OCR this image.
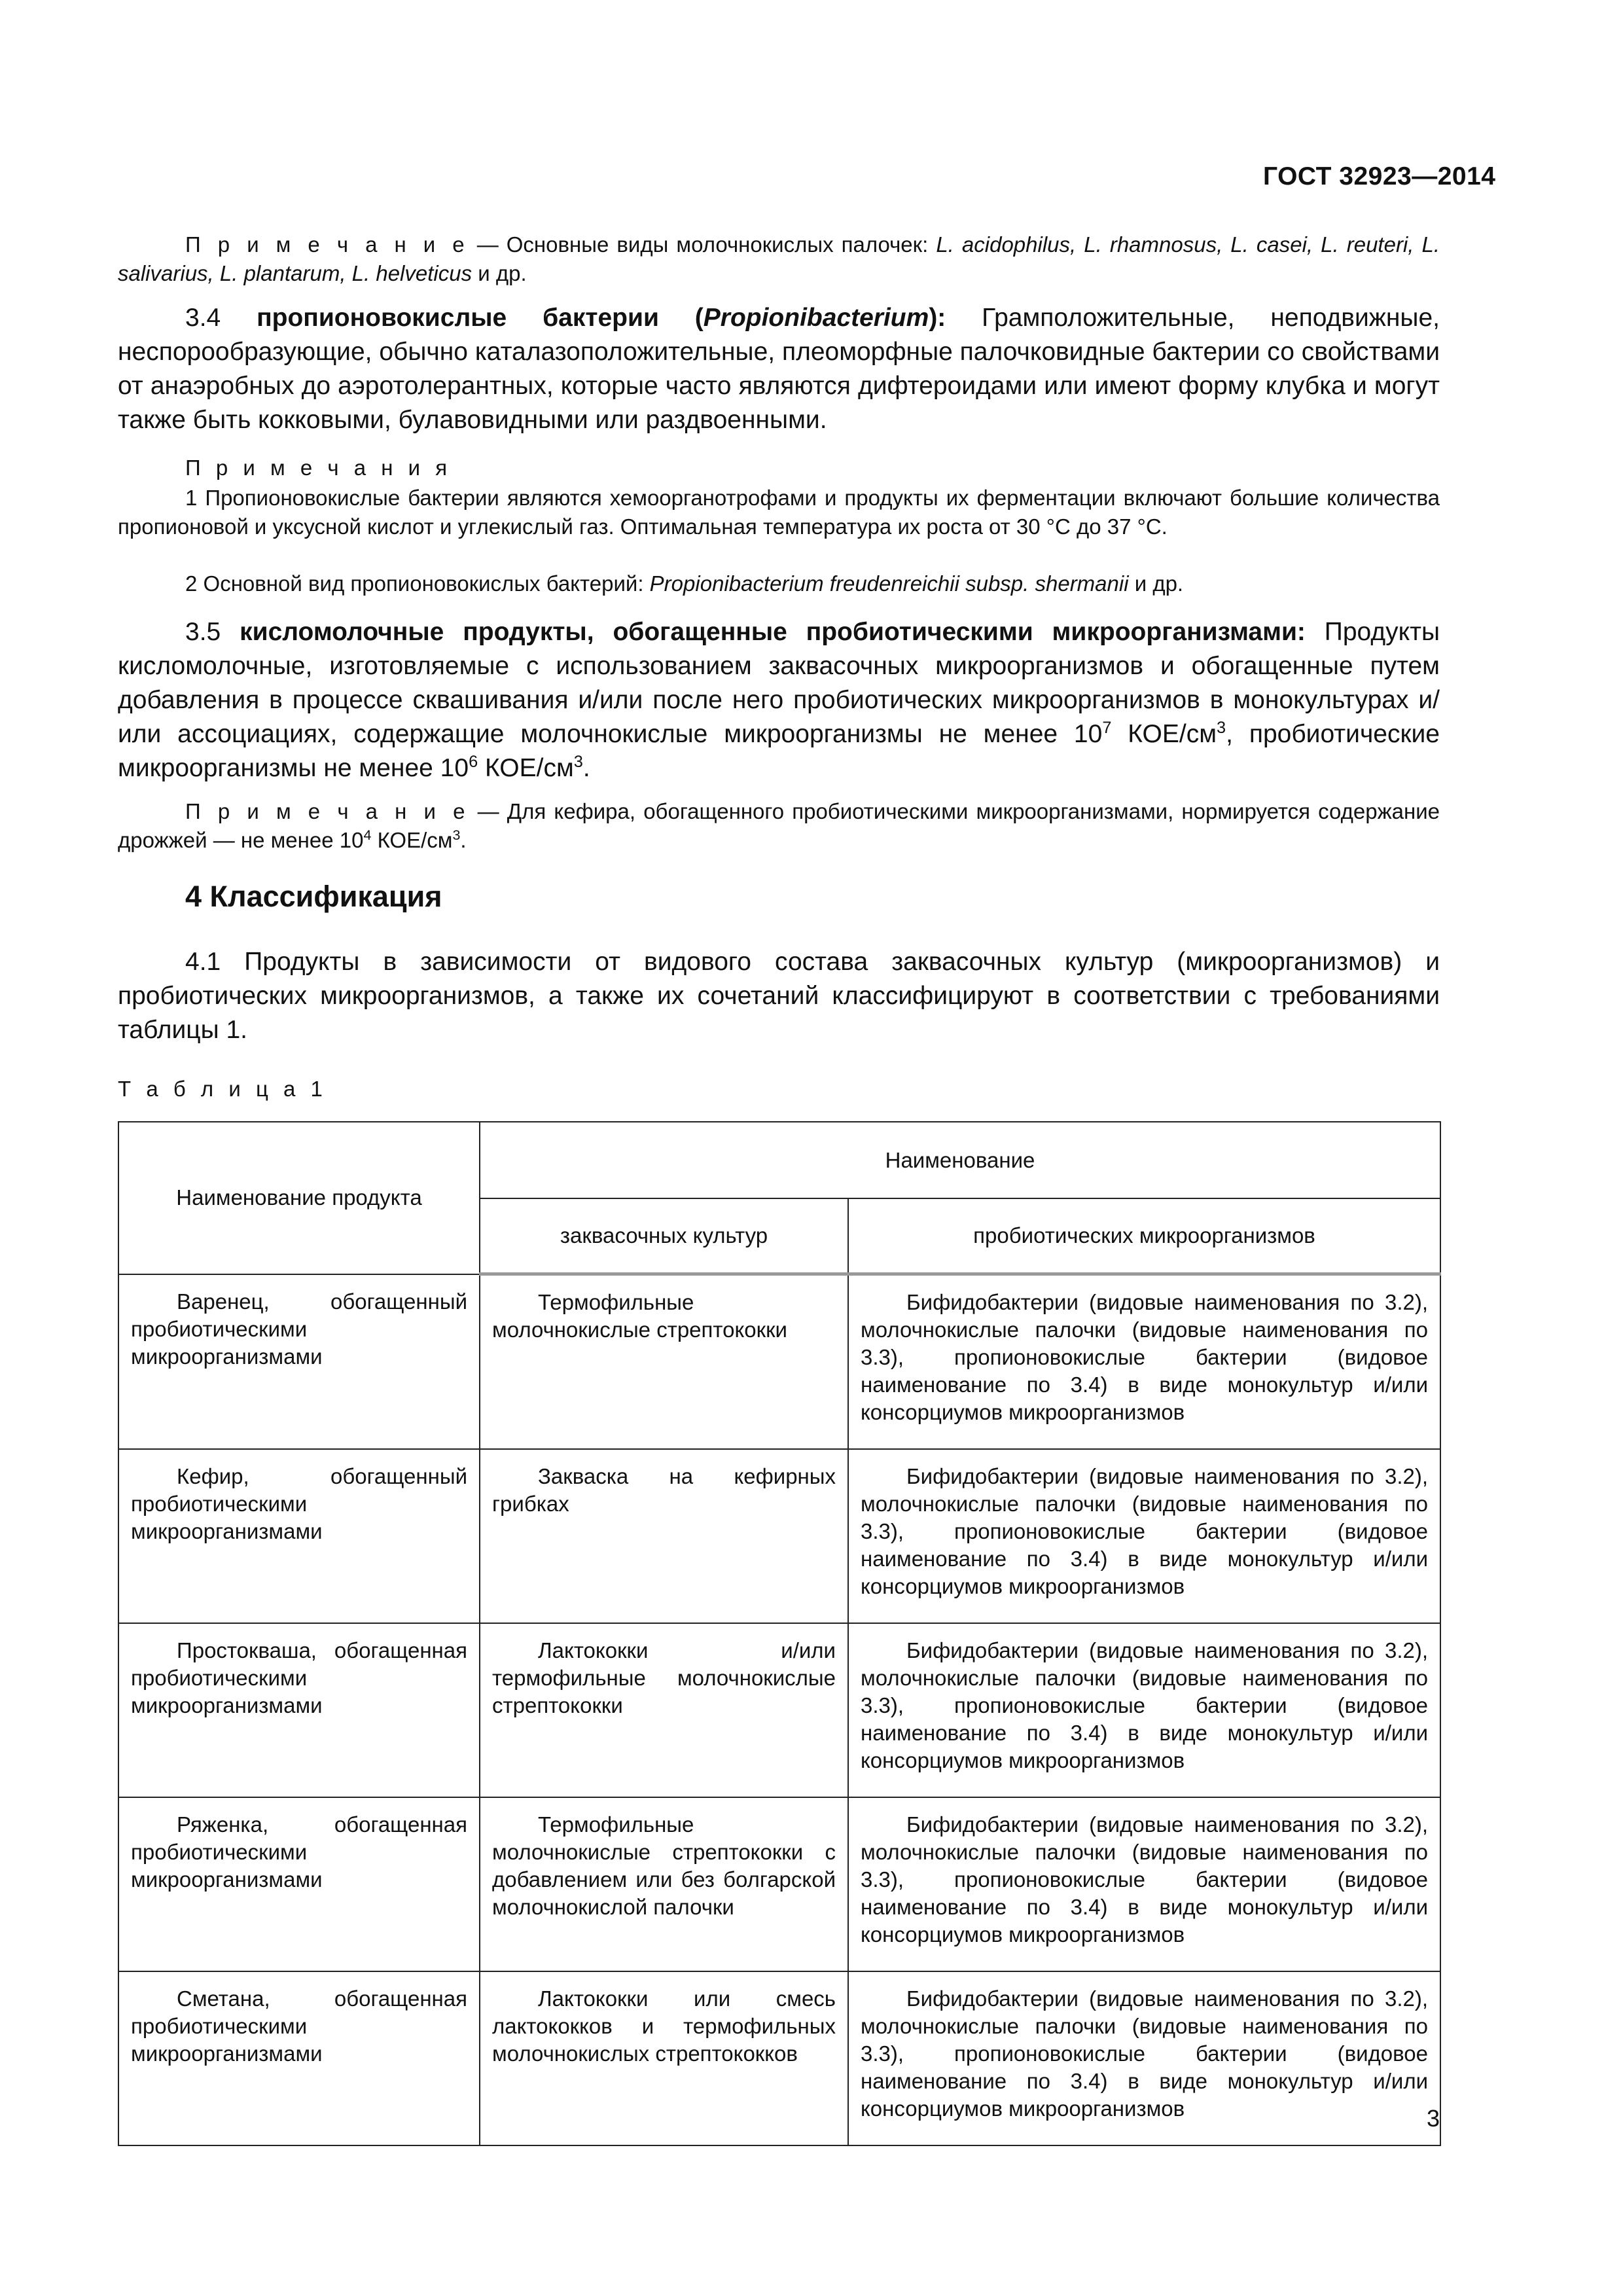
ГОСТ 32923—2014
П р и м е ч а н и е — Основные виды молочнокислых палочек: L. acidophilus, L. rhamnosus, L. casei, L. reuteri, L. salivarius, L. plantarum, L. helveticus и др.
3.4 пропионовокислые бактерии (Propionibacterium): Грамположительные, неподвижные, неспорообразующие, обычно каталазоположительные, плеоморфные палочковидные бактерии со свойствами от анаэробных до аэротолерантных, которые часто являются дифтероидами или имеют форму клубка и могут также быть кокковыми, булавовидными или раздвоенными.
П р и м е ч а н и я
1 Пропионовокислые бактерии являются хемоорганотрофами и продукты их ферментации включают большие количества пропионовой и уксусной кислот и углекислый газ. Оптимальная температура их роста от 30 °С до 37 °С.
2 Основной вид пропионовокислых бактерий: Propionibacterium freudenreichii subsp. shermanii и др.
3.5 кисломолочные продукты, обогащенные пробиотическими микроорганизмами: Продукты кисломолочные, изготовляемые с использованием заквасочных микроорганизмов и обогащенные путем добавления в процессе сквашивания и/или после него пробиотических микроорганизмов в монокультурах и/или ассоциациях, содержащие молочнокислые микроорганизмы не менее $10^7$ КОЕ/$см^3$, пробиотические микроорганизмы не менее $10^6$ КОЕ/$см^3$.
П р и м е ч а н и е — Для кефира, обогащенного пробиотическими микроорганизмами, нормируется содержание дрожжей — не менее $10^4$ КОЕ/$см^3$.
4 Классификация
4.1 Продукты в зависимости от видового состава заквасочных культур (микроорганизмов) и пробиотических микроорганизмов, а также их сочетаний классифицируют в соответствии с требованиями таблицы 1.
Т а б л и ц а 1
Наименование продукта	Наименование	
	заквасочных культур	пробиотических микроорганизмов

Варенец, обогащенный пробиотическими микроорганизмами	Термофильные молочнокислые стрептококки	Бифидобактерии (видовые наименования по 3.2), молочнокислые палочки (видовые наименования по 3.3), пропионовокислые бактерии (видовое наименование по 3.4) в виде монокультур и/или консорциумов микроорганизмов

Кефир, обогащенный пробиотическими микроорганизмами	Закваска на кефирных грибках	Бифидобактерии (видовые наименования по 3.2), молочнокислые палочки (видовые наименования по 3.3), пропионовокислые бактерии (видовое наименование по 3.4) в виде монокультур и/или консорциумов микроорганизмов

Простокваша, обогащенная пробиотическими микроорганизмами	Лактококки и/или термофильные молочнокислые стрептококки	Бифидобактерии (видовые наименования по 3.2), молочнокислые палочки (видовые наименования по 3.3), пропионовокислые бактерии (видовое наименование по 3.4) в виде монокультур и/или консорциумов микроорганизмов

Ряженка, обогащенная пробиотическими микроорганизмами	Термофильные молочнокислые стрептококки с добавлением или без болгарской молочнокислой палочки	Бифидобактерии (видовые наименования по 3.2), молочнокислые палочки (видовые наименования по 3.3), пропионовокислые бактерии (видовое наименование по 3.4) в виде монокультур и/или консорциумов микроорганизмов

Сметана, обогащенная пробиотическими микроорганизмами	Лактококки или смесь лактококков и термофильных молочнокислых стрептококков	Бифидобактерии (видовые наименования по 3.2), молочнокислые палочки (видовые наименования по 3.3), пропионовокислые бактерии (видовое наименование по 3.4) в виде монокультур и/или консорциумов микроорганизмов	3
